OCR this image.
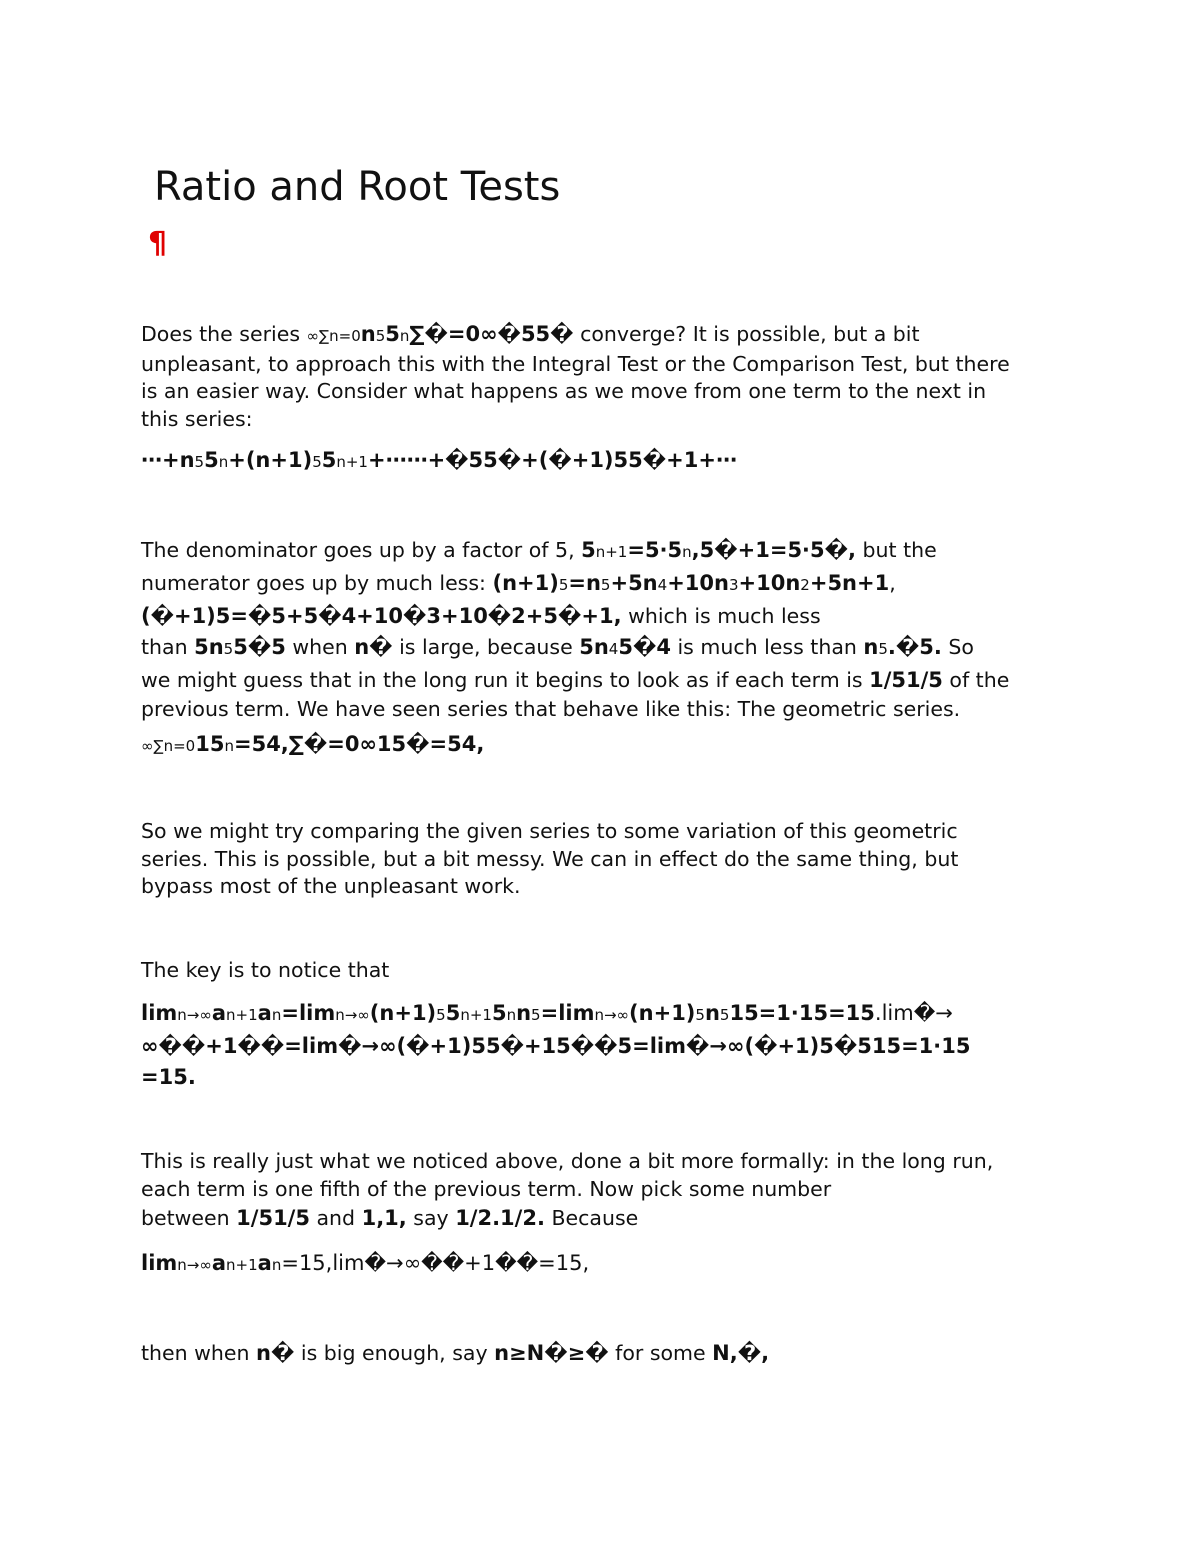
Ratio and Root Tests
¶
Does the series ∞∑n=0n55n∑�=0∞�55� converge? It is possible, but a bit
unpleasant, to approach this with the Integral Test or the Comparison Test, but there
is an easier way. Consider what happens as we move from one term to the next in
this series:
⋯+n55n+(n+1)55n+1+⋯⋯+�55�+(�+1)55�+1+⋯
The denominator goes up by a factor of 5, 5n+1=5⋅5n,5�+1=5⋅5�, but the
numerator goes up by much less: (n+1)5=n5+5n4+10n3+10n2+5n+1,
(�+1)5=�5+5�4+10�3+10�2+5�+1, which is much less
than 5n55�5 when n� is large, because 5n45�4 is much less than n5.�5. So
we might guess that in the long run it begins to look as if each term is 1/51/5 of the
previous term. We have seen series that behave like this: The geometric series.
∞∑n=015n=54,∑�=0∞15�=54,
So we might try comparing the given series to some variation of this geometric
series. This is possible, but a bit messy. We can in effect do the same thing, but
bypass most of the unpleasant work.
The key is to notice that
limn→∞an+1an=limn→∞(n+1)55n+15nn5=limn→∞(n+1)5n515=1⋅15=15.lim�→
∞��+1��=lim�→∞(�+1)55�+15��5=lim�→∞(�+1)5�515=1⋅15
=15.
This is really just what we noticed above, done a bit more formally: in the long run,
each term is one fifth of the previous term. Now pick some number
between 1/51/5 and 1,1, say 1/2.1/2. Because
limn→∞an+1an=15,lim�→∞��+1��=15,
then when n� is big enough, say n≥N�≥� for some N,�,
